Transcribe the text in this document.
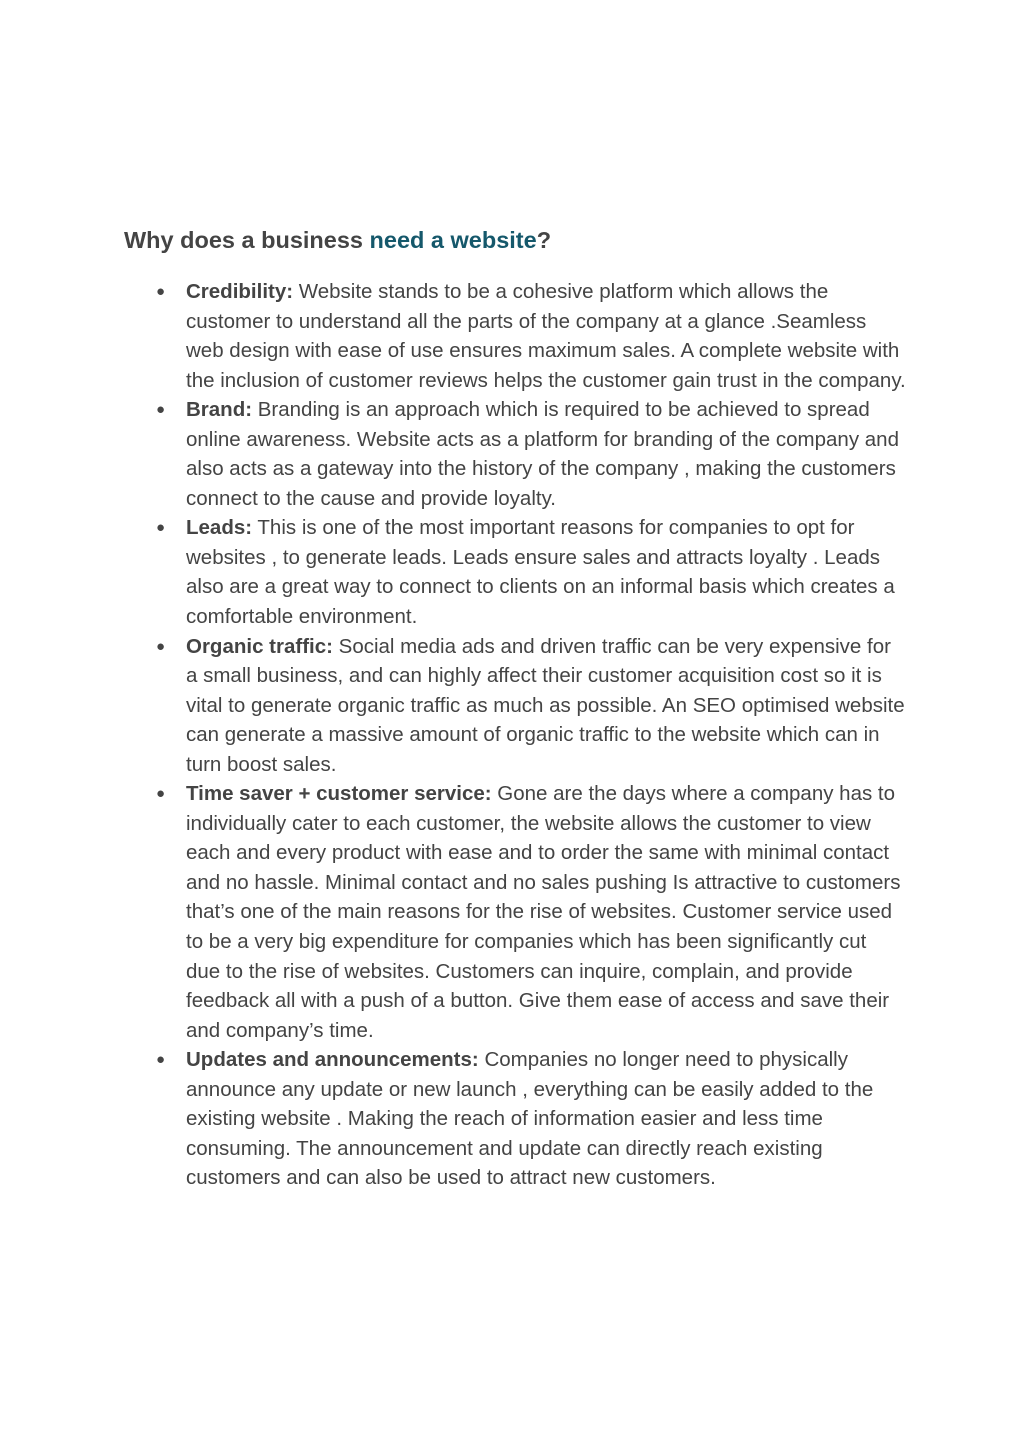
Why does a business need a website?
● Credibility: Website stands to be a cohesive platform which allows the customer to understand all the parts of the company at a glance .Seamless web design with ease of use ensures maximum sales. A complete website with the inclusion of customer reviews helps the customer gain trust in the company.
● Brand: Branding is an approach which is required to be achieved to spread online awareness. Website acts as a platform for branding of the company and also acts as a gateway into the history of the company , making the customers connect to the cause and provide loyalty.
● Leads: This is one of the most important reasons for companies to opt for websites , to generate leads. Leads ensure sales and attracts loyalty . Leads also are a great way to connect to clients on an informal basis which creates a comfortable environment.
● Organic traffic: Social media ads and driven traffic can be very expensive for a small business, and can highly affect their customer acquisition cost so it is vital to generate organic traffic as much as possible. An SEO optimised website can generate a massive amount of organic traffic to the website which can in turn boost sales.
● Time saver + customer service: Gone are the days where a company has to individually cater to each customer, the website allows the customer to view each and every product with ease and to order the same with minimal contact and no hassle. Minimal contact and no sales pushing Is attractive to customers that’s one of the main reasons for the rise of websites. Customer service used to be a very big expenditure for companies which has been significantly cut due to the rise of websites. Customers can inquire, complain, and provide feedback all with a push of a button. Give them ease of access and save their and company’s time.
● Updates and announcements: Companies no longer need to physically announce any update or new launch , everything can be easily added to the existing website . Making the reach of information easier and less time consuming. The announcement and update can directly reach existing customers and can also be used to attract new customers.
